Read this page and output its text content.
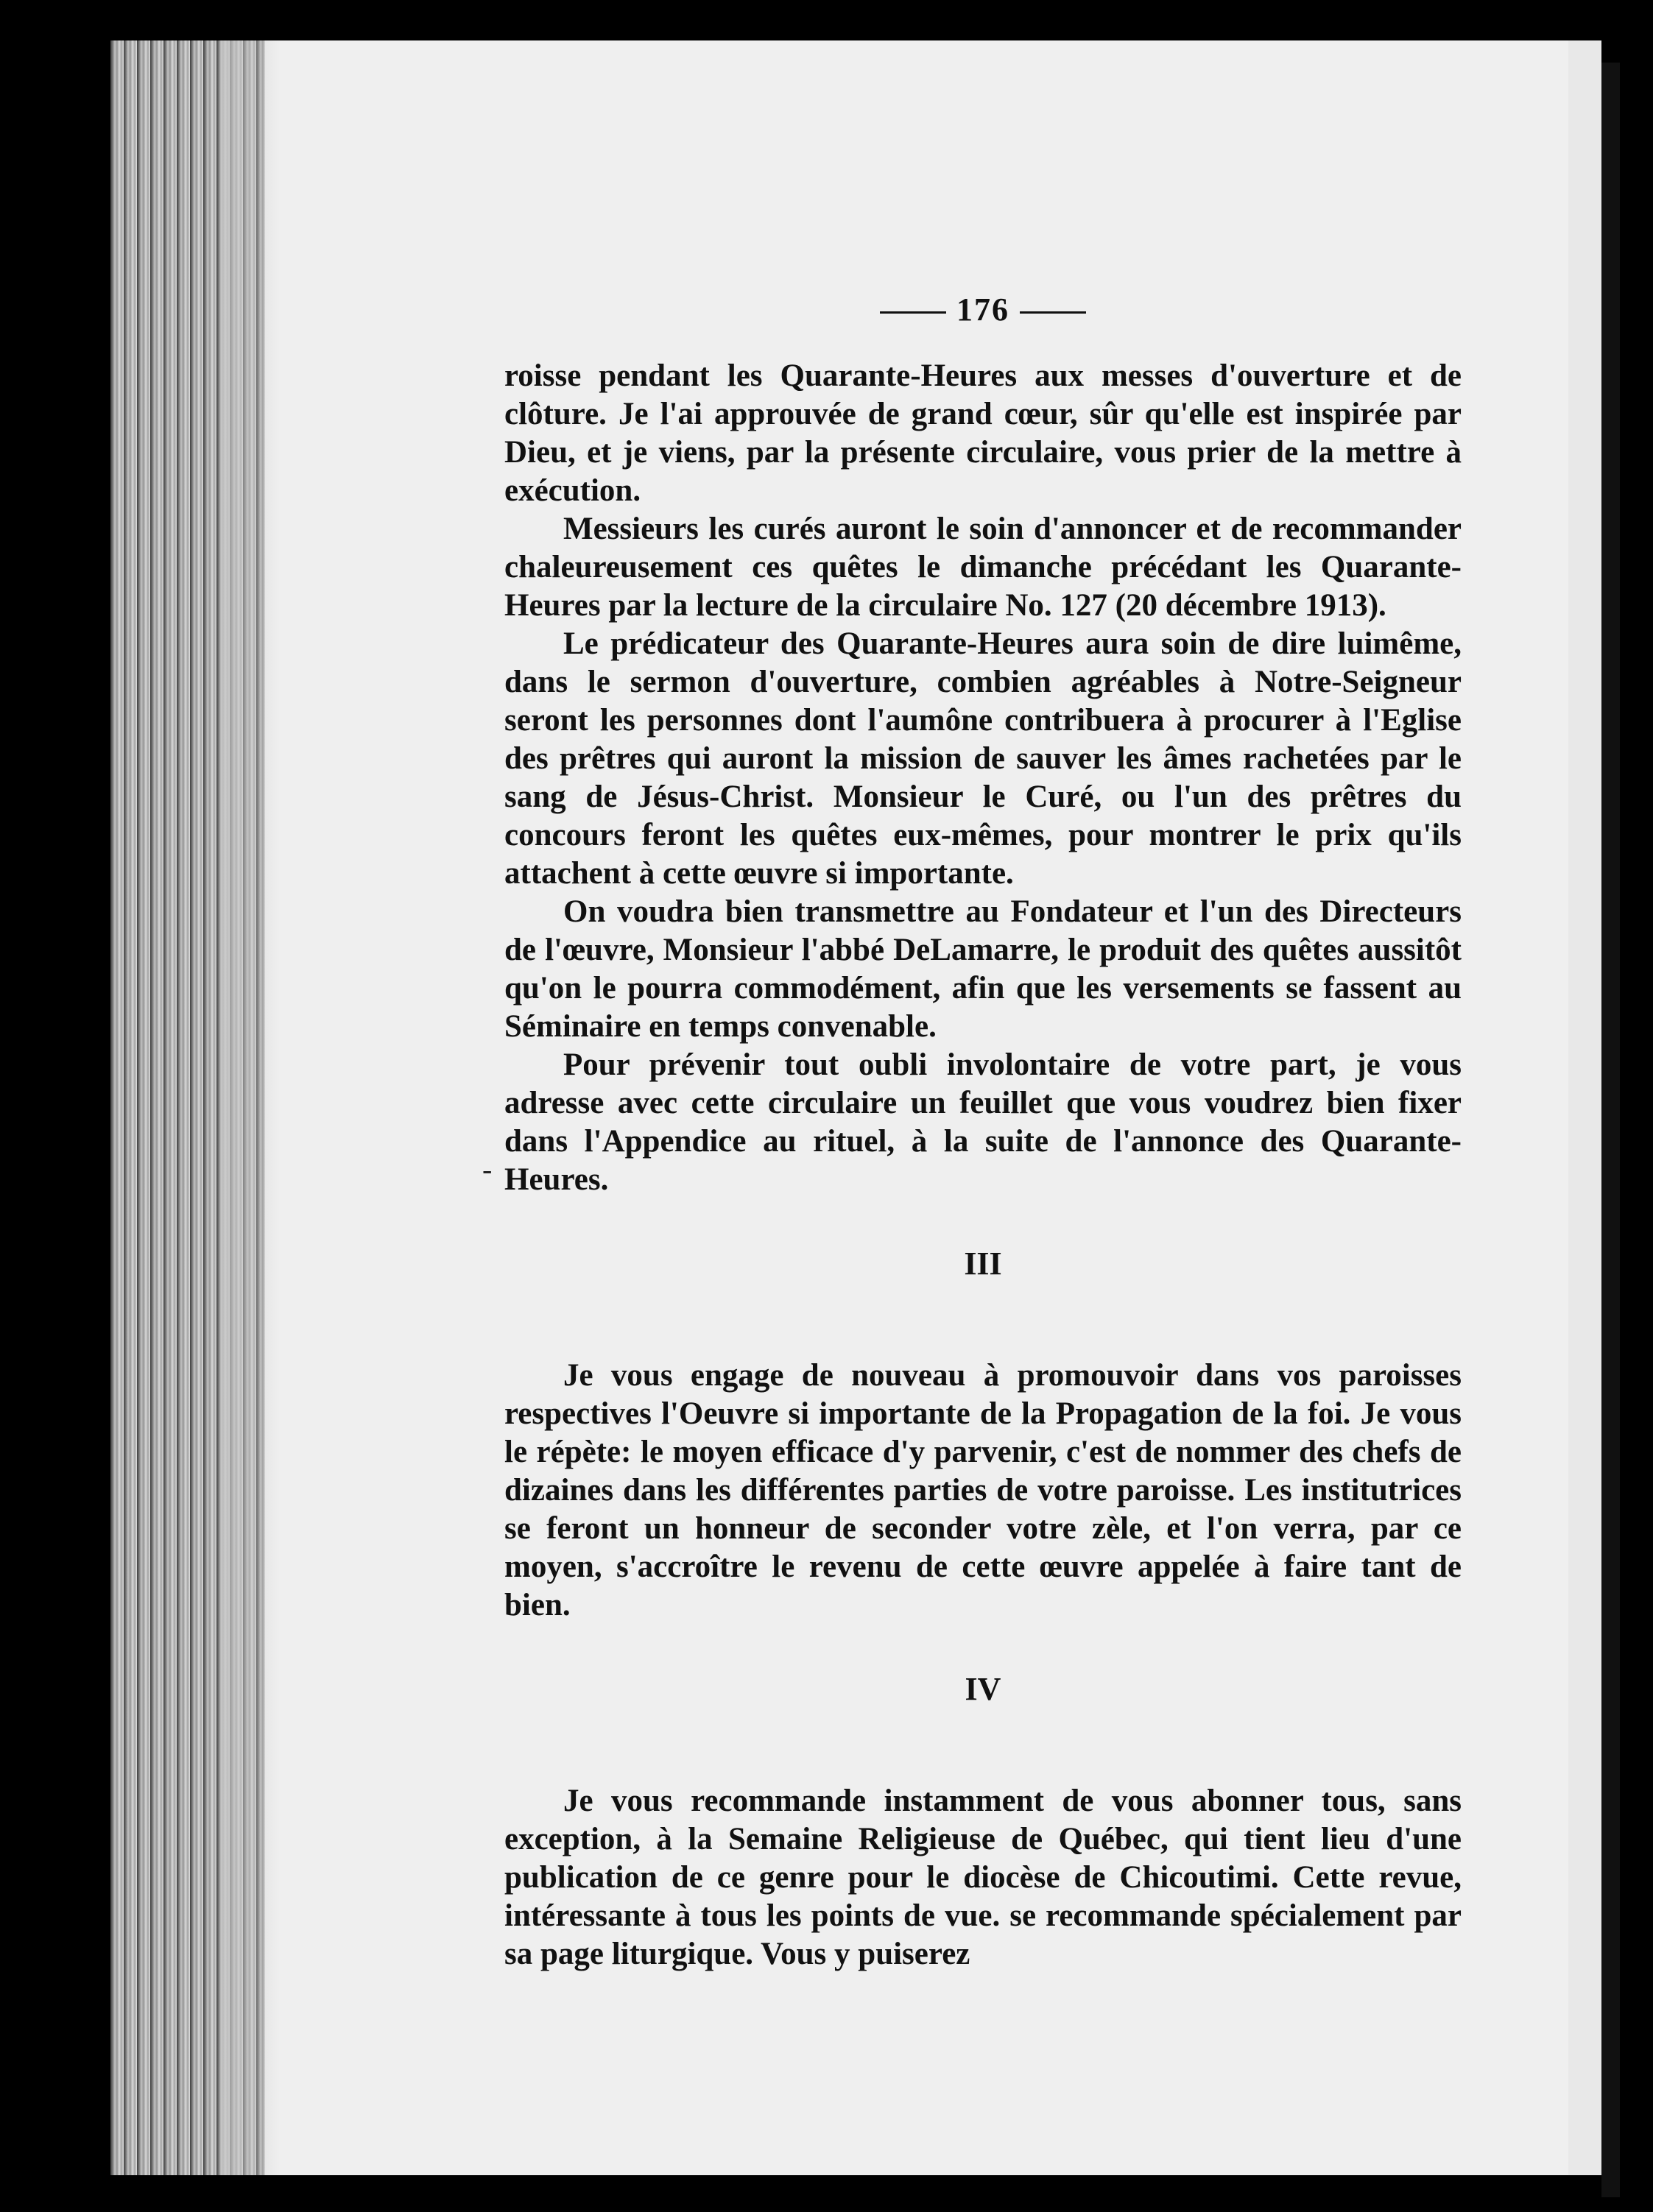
-
176

roisse pendant les Quarante-Heures aux messes d'ouverture et de clôture. Je l'ai approuvée de grand cœur, sûr qu'elle est inspirée par Dieu, et je viens, par la présente circulaire, vous prier de la mettre à exécution.

Messieurs les curés auront le soin d'annoncer et de recommander chaleureusement ces quêtes le dimanche précédant les Quarante-Heures par la lecture de la circulaire No. 127 (20 décembre 1913).

Le prédicateur des Quarante-Heures aura soin de dire luimême, dans le sermon d'ouverture, combien agréables à Notre-Seigneur seront les personnes dont l'aumône contribuera à procurer à l'Eglise des prêtres qui auront la mission de sauver les âmes rachetées par le sang de Jésus-Christ. Monsieur le Curé, ou l'un des prêtres du concours feront les quêtes eux-mêmes, pour montrer le prix qu'ils attachent à cette œuvre si importante.

On voudra bien transmettre au Fondateur et l'un des Directeurs de l'œuvre, Monsieur l'abbé DeLamarre, le produit des quêtes aussitôt qu'on le pourra commodément, afin que les versements se fassent au Séminaire en temps convenable.

Pour prévenir tout oubli involontaire de votre part, je vous adresse avec cette circulaire un feuillet que vous voudrez bien fixer dans l'Appendice au rituel, à la suite de l'annonce des Quarante-Heures.

III

Je vous engage de nouveau à promouvoir dans vos paroisses respectives l'Oeuvre si importante de la Propagation de la foi. Je vous le répète: le moyen efficace d'y parvenir, c'est de nommer des chefs de dizaines dans les différentes parties de votre paroisse. Les institutrices se feront un honneur de seconder votre zèle, et l'on verra, par ce moyen, s'accroître le revenu de cette œuvre appelée à faire tant de bien.

IV

Je vous recommande instamment de vous abonner tous, sans exception, à la Semaine Religieuse de Québec, qui tient lieu d'une publication de ce genre pour le diocèse de Chicoutimi. Cette revue, intéressante à tous les points de vue. se recommande spécialement par sa page liturgique. Vous y puiserez
